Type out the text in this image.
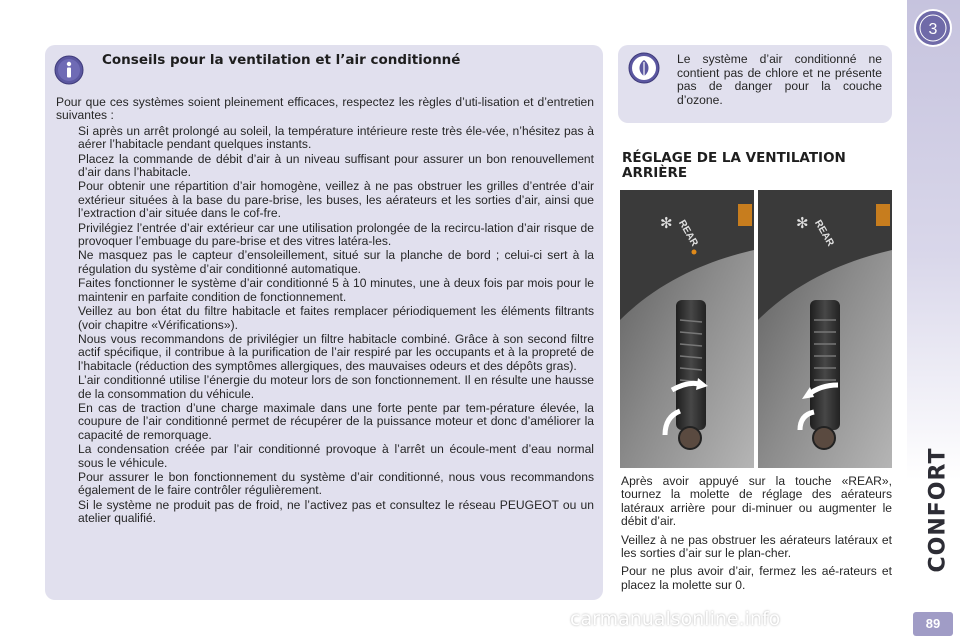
Conseils pour la ventilation et l’air conditionné

Pour que ces systèmes soient pleinement efficaces, respectez les règles d’uti-lisation et d’entretien suivantes :

Si après un arrêt prolongé au soleil, la température intérieure reste très éle-vée, n’hésitez pas à aérer l’habitacle pendant quelques instants.

Placez la commande de débit d’air à un niveau suffisant pour assurer un bon renouvellement d’air dans l’habitacle.

Pour obtenir une répartition d’air homogène, veillez à ne pas obstruer les grilles d’entrée d’air extérieur situées à la base du pare-brise, les buses, les aérateurs et les sorties d’air, ainsi que l’extraction d’air située dans le cof-fre.

Privilégiez l’entrée d’air extérieur car une utilisation prolongée de la recircu-lation d’air risque de provoquer l’embuage du pare-brise et des vitres latéra-les.

Ne masquez pas le capteur d’ensoleillement, situé sur la planche de bord ; celui-ci sert à la régulation du système d’air conditionné automatique.

Faites fonctionner le système d’air conditionné 5 à 10 minutes, une à deux fois par mois pour le maintenir en parfaite condition de fonctionnement.

Veillez au bon état du filtre habitacle et faites remplacer périodiquement les éléments filtrants (voir chapitre «Vérifications»).

Nous vous recommandons de privilégier un filtre habitacle combiné. Grâce à son second filtre actif spécifique, il contribue à la purification de l’air respiré par les occupants et à la propreté de l’habitacle (réduction des symptômes allergiques, des mauvaises odeurs et des dépôts gras).

L’air conditionné utilise l’énergie du moteur lors de son fonctionnement. Il en résulte une hausse de la consommation du véhicule.

En cas de traction d’une charge maximale dans une forte pente par tem-pérature élevée, la coupure de l’air conditionné permet de récupérer de la puissance moteur et donc d’améliorer la capacité de remorquage.

La condensation créée par l’air conditionné provoque à l’arrêt un écoule-ment d’eau normal sous le véhicule.

Pour assurer le bon fonctionnement du système d’air conditionné, nous vous recommandons également de le faire contrôler régulièrement.

Si le système ne produit pas de froid, ne l’activez pas et consultez le réseau PEUGEOT ou un atelier qualifié.

Le système d’air conditionné ne contient pas de chlore et ne présente pas de danger pour la couche d’ozone.
RÉGLAGE DE LA VENTILATION ARRIÈRE
✻ REAR	✻ REAR

Après avoir appuyé sur la touche «REAR», tournez la molette de réglage des aérateurs latéraux arrière pour di-minuer ou augmenter le débit d’air.

Veillez à ne pas obstruer les aérateurs latéraux et les sorties d’air sur le plan-cher.

Pour ne plus avoir d’air, fermez les aé-rateurs et placez la molette sur 0.

3
CONFORT
89
carmanualsonline.info
